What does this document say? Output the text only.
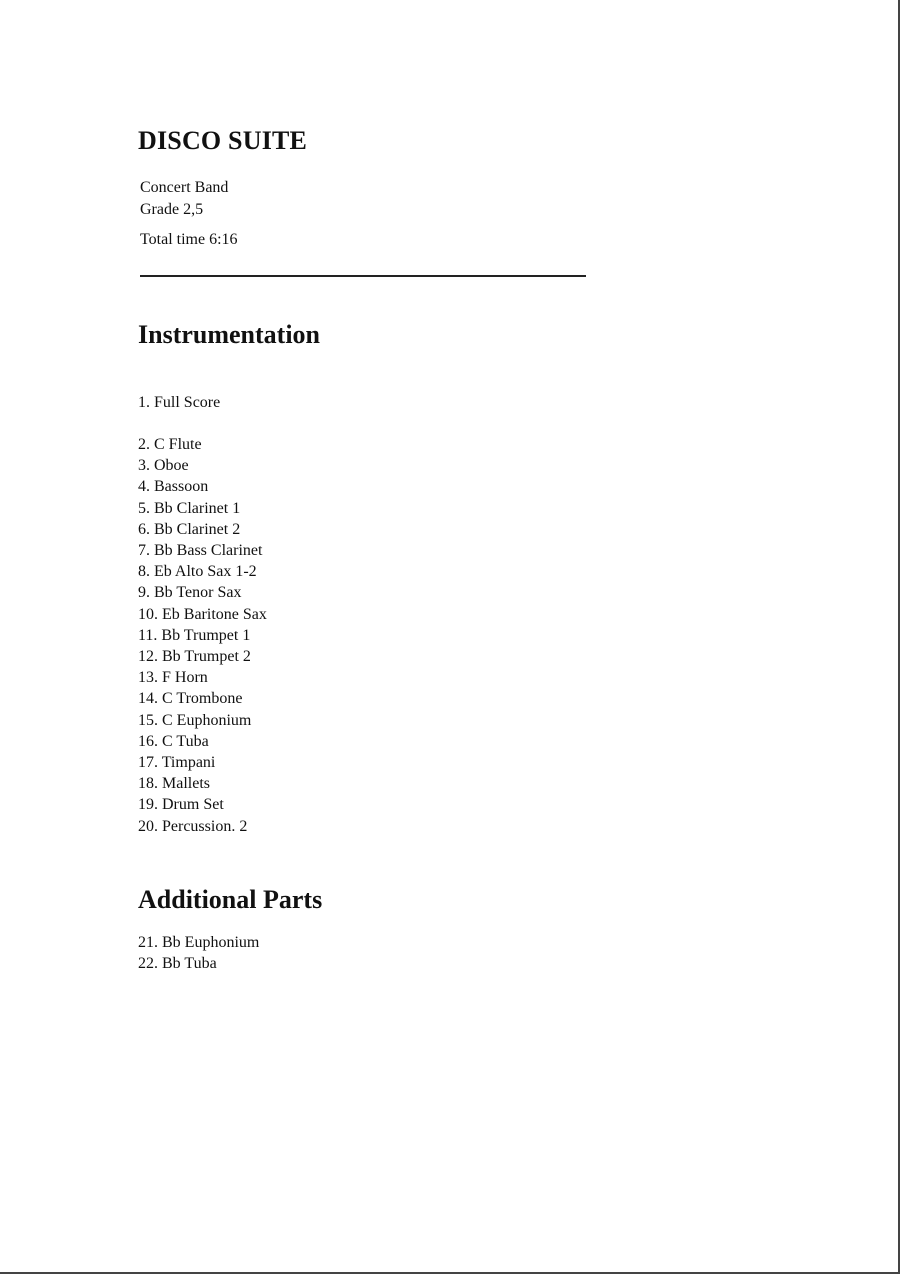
DISCO SUITE
Concert Band
Grade 2,5
Total time 6:16
Instrumentation
1. Full Score
2. C Flute
3. Oboe
4. Bassoon
5. Bb Clarinet 1
6. Bb Clarinet 2
7. Bb Bass Clarinet
8. Eb Alto Sax 1-2
9. Bb Tenor Sax
10. Eb Baritone Sax
11. Bb Trumpet 1
12. Bb Trumpet 2
13. F Horn
14. C Trombone
15. C Euphonium
16. C Tuba
17. Timpani
18. Mallets
19. Drum Set
20. Percussion. 2
Additional Parts
21. Bb Euphonium
22. Bb Tuba
